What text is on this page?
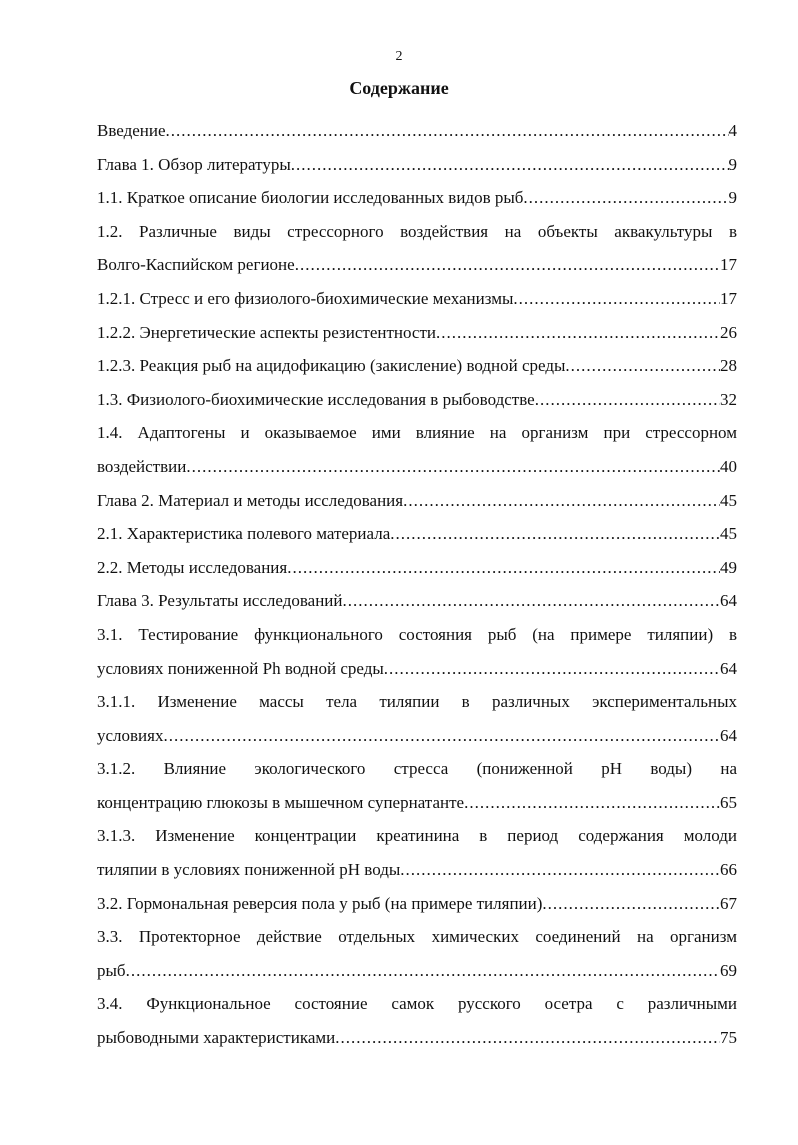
2
Содержание
Введение .....	4
Глава 1. Обзор литературы .....	9
1.1. Краткое описание биологии исследованных видов рыб .....	9
1.2. Различные виды стрессорного воздействия на объекты аквакультуры в
Волго-Каспийском регионе .....	17
1.2.1. Стресс и его физиолого-биохимические механизмы .....	17
1.2.2. Энергетические аспекты резистентности .....	26
1.2.3. Реакция рыб на ацидофикацию (закисление) водной среды .....	28
1.3. Физиолого-биохимические исследования в рыбоводстве .....	32
1.4. Адаптогены и оказываемое ими влияние на организм при стрессорном
воздействии .....	40
Глава 2. Материал и методы исследования .....	45
2.1. Характеристика полевого материала .....	45
2.2. Методы исследования .....	49
Глава 3. Результаты исследований .....	64
3.1. Тестирование функционального состояния рыб (на примере тиляпии) в
условиях пониженной Ph водной среды .....	64
3.1.1. Изменение массы тела тиляпии в различных экспериментальных
условиях .....	64
3.1.2. Влияние экологического стресса (пониженной pH воды) на
концентрацию глюкозы в мышечном супернатанте .....	65
3.1.3. Изменение концентрации креатинина в период содержания молоди
тиляпии в условиях пониженной pH воды .....	66
3.2. Гормональная реверсия пола у рыб (на примере тиляпии) .....	67
3.3. Протекторное действие отдельных химических соединений на организм
рыб .....	69
3.4. Функциональное состояние самок русского осетра с различными
рыбоводными характеристиками .....	75
